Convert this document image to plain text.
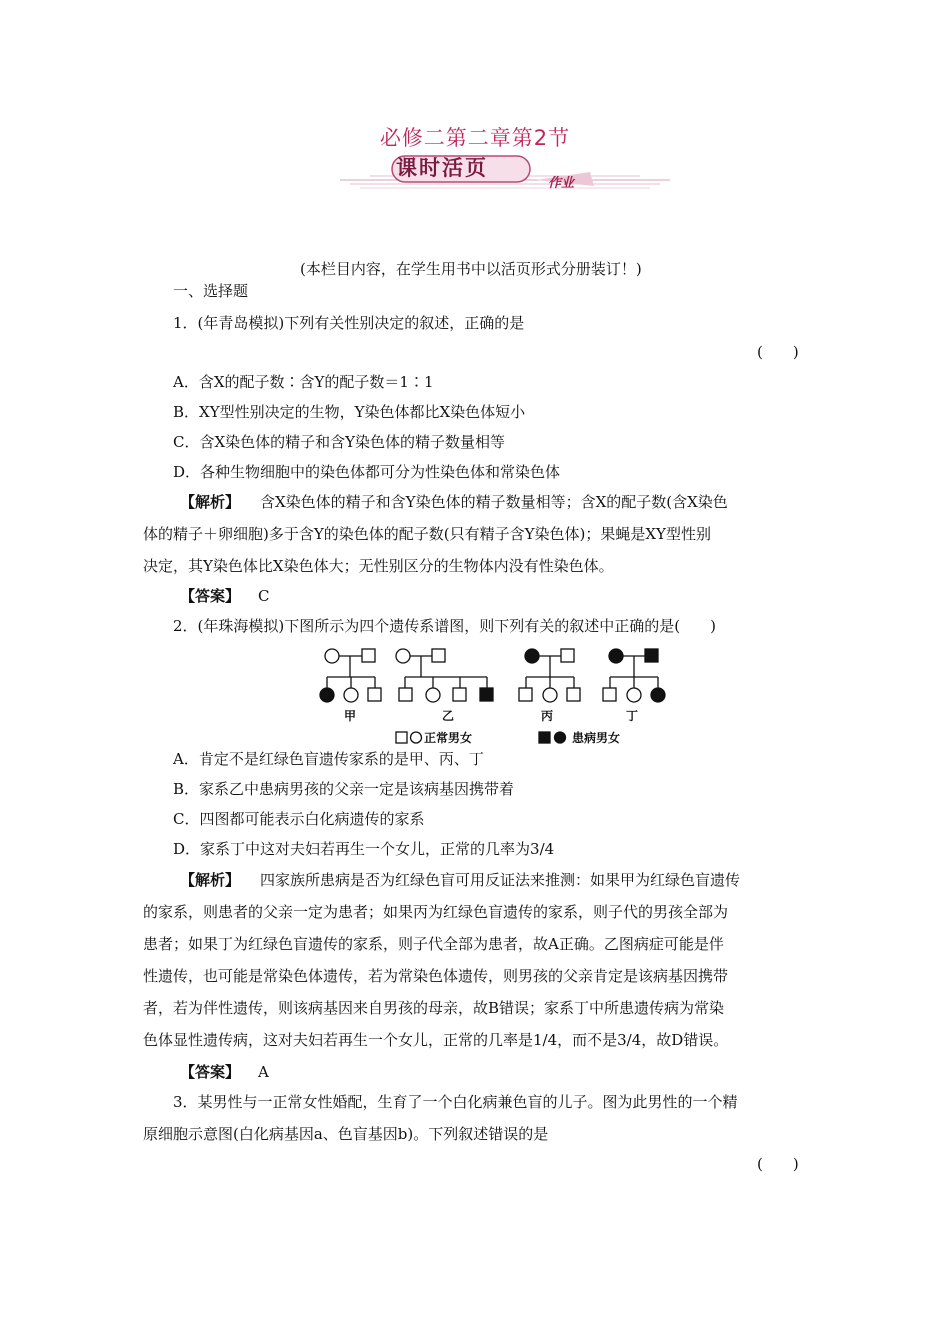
必修二第二章第2节
课时活页
作业
(本栏目内容，在学生用书中以活页形式分册装订！)
一、选择题
1．(年青岛模拟)下列有关性别决定的叙述，正确的是
(　　)
A．含X的配子数∶含Y的配子数＝1∶1
B．XY型性别决定的生物，Y染色体都比X染色体短小
C．含X染色体的精子和含Y染色体的精子数量相等
D．各种生物细胞中的染色体都可分为性染色体和常染色体
【解析】 　含X染色体的精子和含Y染色体的精子数量相等；含X的配子数(含X染色
体的精子＋卵细胞)多于含Y的染色体的配子数(只有精子含Y染色体)；果蝇是XY型性别
决定，其Y染色体比X染色体大；无性别区分的生物体内没有性染色体。
【答案】 C
2．(年珠海模拟)下图所示为四个遗传系谱图，则下列有关的叙述中正确的是(　　)
甲	乙	丙	丁
正常男女	患病男女
A．肯定不是红绿色盲遗传家系的是甲、丙、丁
B．家系乙中患病男孩的父亲一定是该病基因携带着
C．四图都可能表示白化病遗传的家系
D．家系丁中这对夫妇若再生一个女儿，正常的几率为3/4
【解析】 　四家族所患病是否为红绿色盲可用反证法来推测：如果甲为红绿色盲遗传
的家系，则患者的父亲一定为患者；如果丙为红绿色盲遗传的家系，则子代的男孩全部为
患者；如果丁为红绿色盲遗传的家系，则子代全部为患者，故A正确。乙图病症可能是伴
性遗传，也可能是常染色体遗传，若为常染色体遗传，则男孩的父亲肯定是该病基因携带
者，若为伴性遗传，则该病基因来自男孩的母亲，故B错误；家系丁中所患遗传病为常染
色体显性遗传病，这对夫妇若再生一个女儿，正常的几率是1/4，而不是3/4，故D错误。
【答案】 A
3．某男性与一正常女性婚配，生育了一个白化病兼色盲的儿子。图为此男性的一个精
原细胞示意图(白化病基因a、色盲基因b)。下列叙述错误的是
(　　)
